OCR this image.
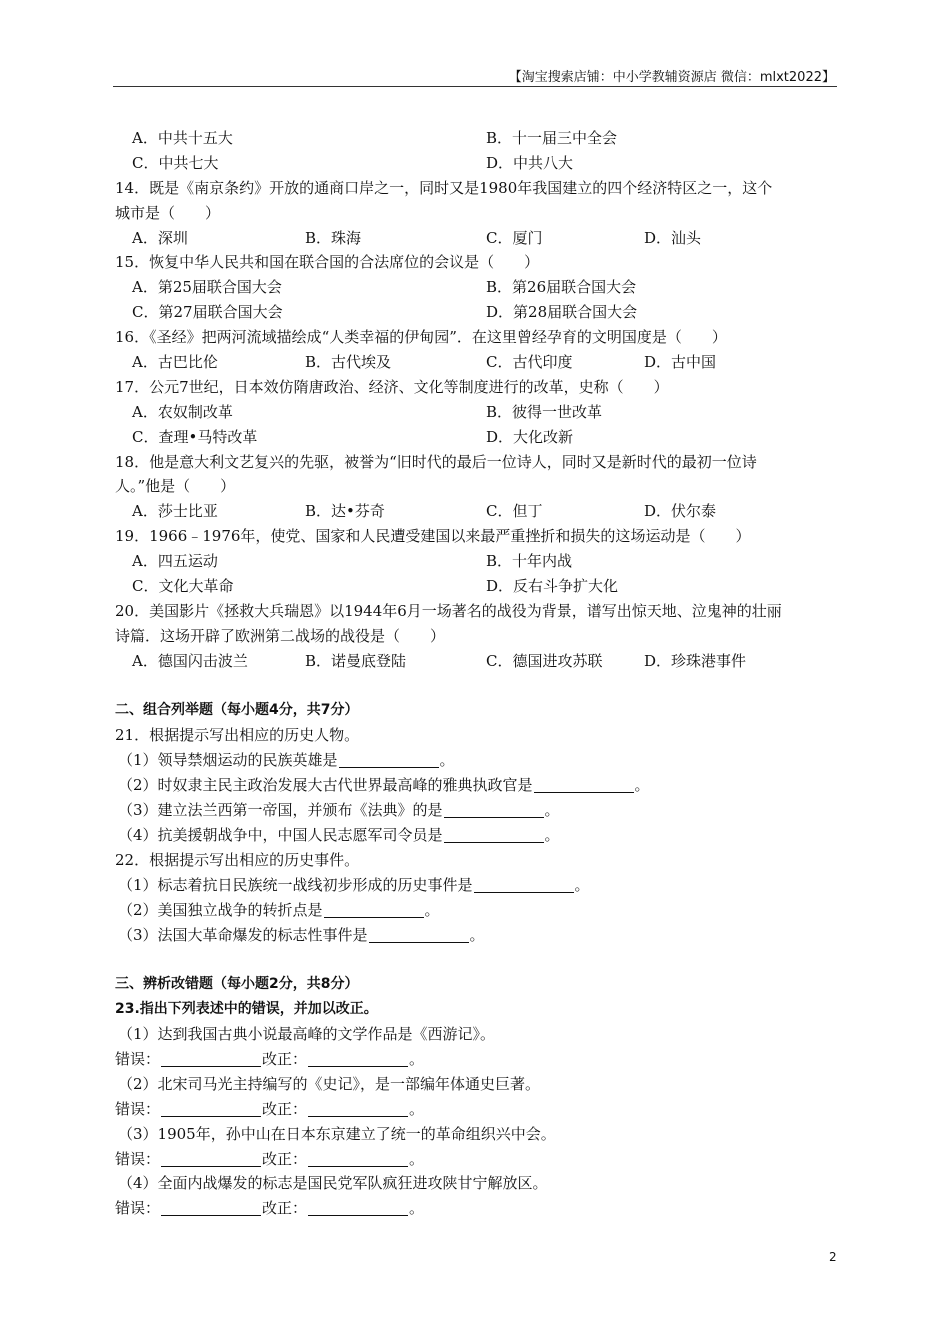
【淘宝搜索店铺：中小学教辅资源店 微信：mlxt2022】
A．中共十五大	B．十一届三中全会
C．中共七大	D．中共八大
14．既是《南京条约》开放的通商口岸之一，同时又是1980年我国建立的四个经济特区之一，这个
城市是（　　）
A．深圳	B．珠海	C．厦门	D．汕头
15．恢复中华人民共和国在联合国的合法席位的会议是（　　）
A．第25届联合国大会	B．第26届联合国大会
C．第27届联合国大会	D．第28届联合国大会
16．《圣经》把两河流域描绘成“人类幸福的伊甸园”．在这里曾经孕育的文明国度是（　　）
A．古巴比伦	B．古代埃及	C．古代印度	D．古中国
17．公元7世纪，日本效仿隋唐政治、经济、文化等制度进行的改革，史称（　　）
A．农奴制改革	B．彼得一世改革
C．查理•马特改革	D．大化改新
18．他是意大利文艺复兴的先驱，被誉为“旧时代的最后一位诗人，同时又是新时代的最初一位诗
人。”他是（　　）
A．莎士比亚	B．达•芬奇	C．但丁	D．伏尔泰
19．1966﹣1976年，使党、国家和人民遭受建国以来最严重挫折和损失的这场运动是（　　）
A．四五运动	B．十年内战
C．文化大革命	D．反右斗争扩大化
20．美国影片《拯救大兵瑞恩》以1944年6月一场著名的战役为背景，谱写出惊天地、泣鬼神的壮丽
诗篇．这场开辟了欧洲第二战场的战役是（　　）
A．德国闪击波兰	B．诺曼底登陆	C．德国进攻苏联	D．珍珠港事件
二、组合列举题（每小题4分，共7分）
21．根据提示写出相应的历史人物。
（1）领导禁烟运动的民族英雄是	。
（2）时奴隶主民主政治发展大古代世界最高峰的雅典执政官是	。
（3）建立法兰西第一帝国，并颁布《法典》的是	。
（4）抗美援朝战争中，中国人民志愿军司令员是	。
22．根据提示写出相应的历史事件。
（1）标志着抗日民族统一战线初步形成的历史事件是	。
（2）美国独立战争的转折点是	。
（3）法国大革命爆发的标志性事件是	。
三、辨析改错题（每小题2分，共8分）
23.指出下列表述中的错误，并加以改正。
（1）达到我国古典小说最高峰的文学作品是《西游记》。
错误：	改正：	。
（2）北宋司马光主持编写的《史记》，是一部编年体通史巨著。
错误：	改正：	。
（3）1905年，孙中山在日本东京建立了统一的革命组织兴中会。
错误：	改正：	。
（4）全面内战爆发的标志是国民党军队疯狂进攻陕甘宁解放区。
错误：	改正：	。
2
